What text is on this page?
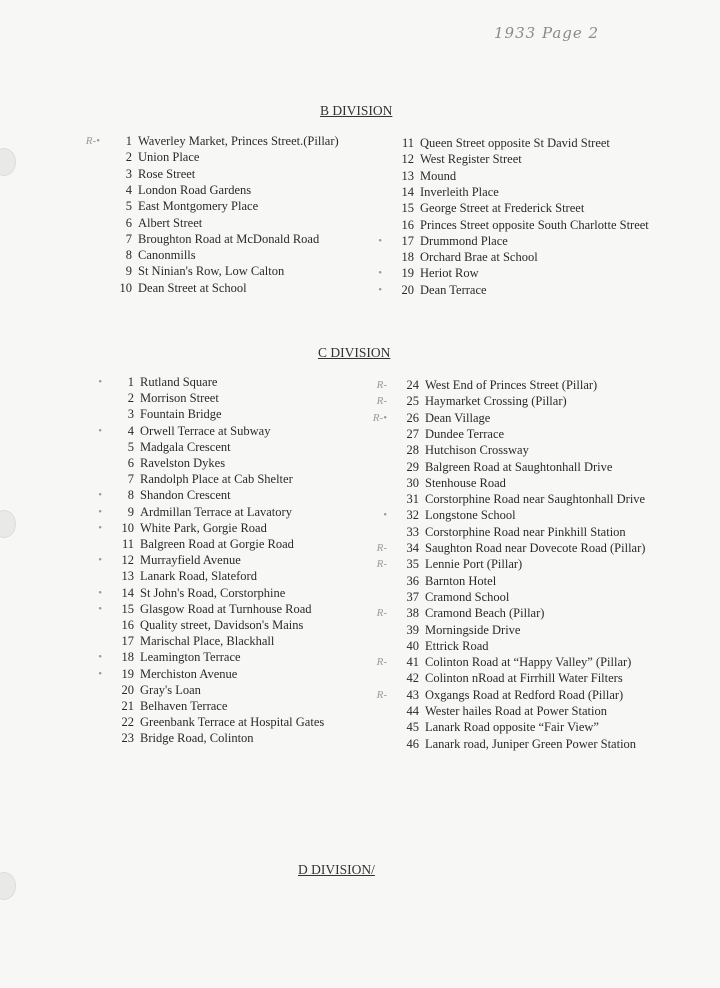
1933 Page 2
B DIVISION
R-•	1 Waverley Market, Princes Street.(Pillar)
2 Union Place
3 Rose Street
4 London Road Gardens
5 East Montgomery Place
6 Albert Street
7 Broughton Road at McDonald Road
8 Canonmills
9 St Ninian's Row, Low Calton
10 Dean Street at School
11 Queen Street opposite St David Street
12 West Register Street
13 Mound
14 Inverleith Place
15 George Street at Frederick Street
16 Princes Street opposite South Charlotte Street
•	17 Drummond Place
18 Orchard Brae at School
•	19 Heriot Row
•	20 Dean Terrace
C DIVISION
•	1 Rutland Square
2 Morrison Street
3 Fountain Bridge
•	4 Orwell Terrace at Subway
5 Madgala Crescent
6 Ravelston Dykes
7 Randolph Place at Cab Shelter
•	8 Shandon Crescent
•	9 Ardmillan Terrace at Lavatory
•	10 White Park, Gorgie Road
11 Balgreen Road at Gorgie Road
•	12 Murrayfield Avenue
13 Lanark Road, Slateford
•	14 St John's Road, Corstorphine
•	15 Glasgow Road at Turnhouse Road
16 Quality street, Davidson's Mains
17 Marischal Place, Blackhall
•	18 Leamington Terrace
•	19 Merchiston Avenue
20 Gray's Loan
21 Belhaven Terrace
22 Greenbank Terrace at Hospital Gates
23 Bridge Road, Colinton
R-	24 West End of Princes Street (Pillar)
R-	25 Haymarket Crossing (Pillar)
R-•	26 Dean Village
27 Dundee Terrace
28 Hutchison Crossway
29 Balgreen Road at Saughtonhall Drive
30 Stenhouse Road
31 Corstorphine Road near Saughtonhall Drive
•	32 Longstone School
33 Corstorphine Road near Pinkhill Station
R-	34 Saughton Road near Dovecote Road (Pillar)
R-	35 Lennie Port (Pillar)
36 Barnton Hotel
37 Cramond School
R-	38 Cramond Beach (Pillar)
39 Morningside Drive
40 Ettrick Road
R-	41 Colinton Road at “Happy Valley” (Pillar)
42 Colinton nRoad at Firrhill Water Filters
R-	43 Oxgangs Road at Redford Road (Pillar)
44 Wester hailes Road at Power Station
45 Lanark Road opposite “Fair View”
46 Lanark road, Juniper Green Power Station
D DIVISION/
